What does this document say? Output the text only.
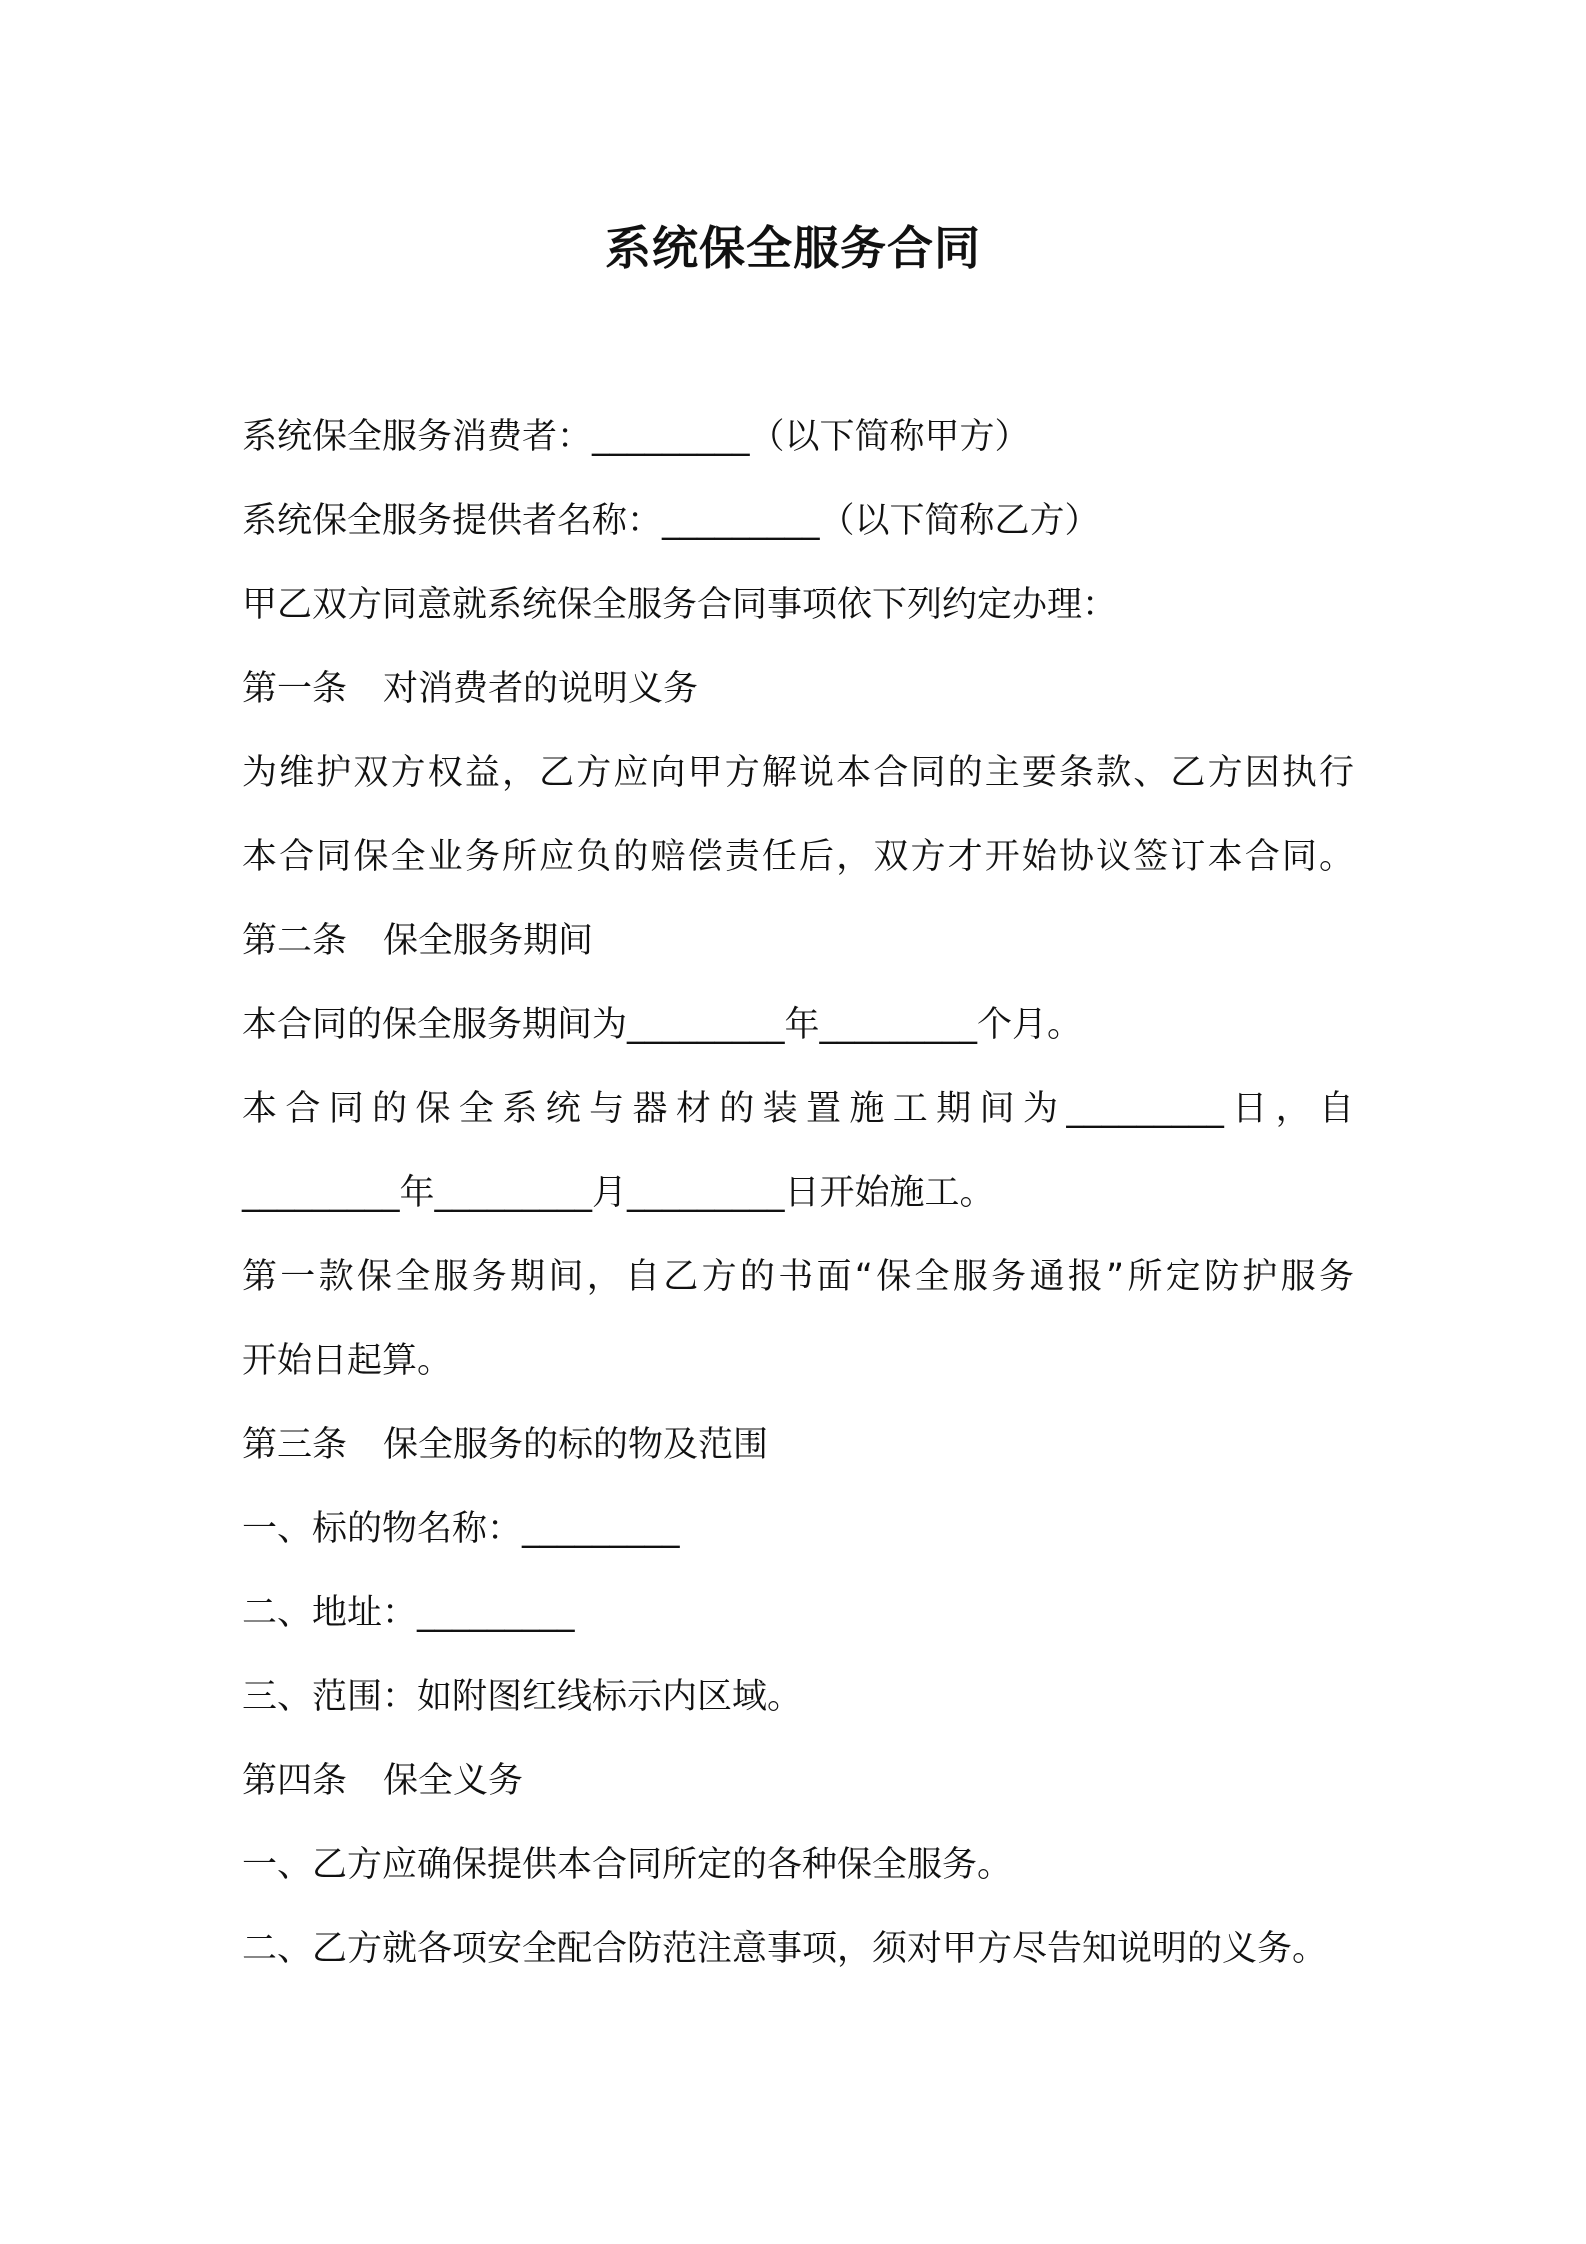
系统保全服务合同
系统保全服务消费者：_________（以下简称甲方）
系统保全服务提供者名称：_________（以下简称乙方）
甲乙双方同意就系统保全服务合同事项依下列约定办理：
第一条 对消费者的说明义务
为维护双方权益，乙方应向甲方解说本合同的主要条款、乙方因执行
本合同保全业务所应负的赔偿责任后，双方才开始协议签订本合同。
第二条 保全服务期间
本合同的保全服务期间为_________年_________个月。
本合同的保全系统与器材的装置施工期间为_________日，自
_________年_________月_________日开始施工。
第一款保全服务期间，自乙方的书面“保全服务通报”所定防护服务
开始日起算。
第三条 保全服务的标的物及范围
一、标的物名称：_________
二、地址：_________
三、范围：如附图红线标示内区域。
第四条 保全义务
一、乙方应确保提供本合同所定的各种保全服务。
二、乙方就各项安全配合防范注意事项，须对甲方尽告知说明的义务。
